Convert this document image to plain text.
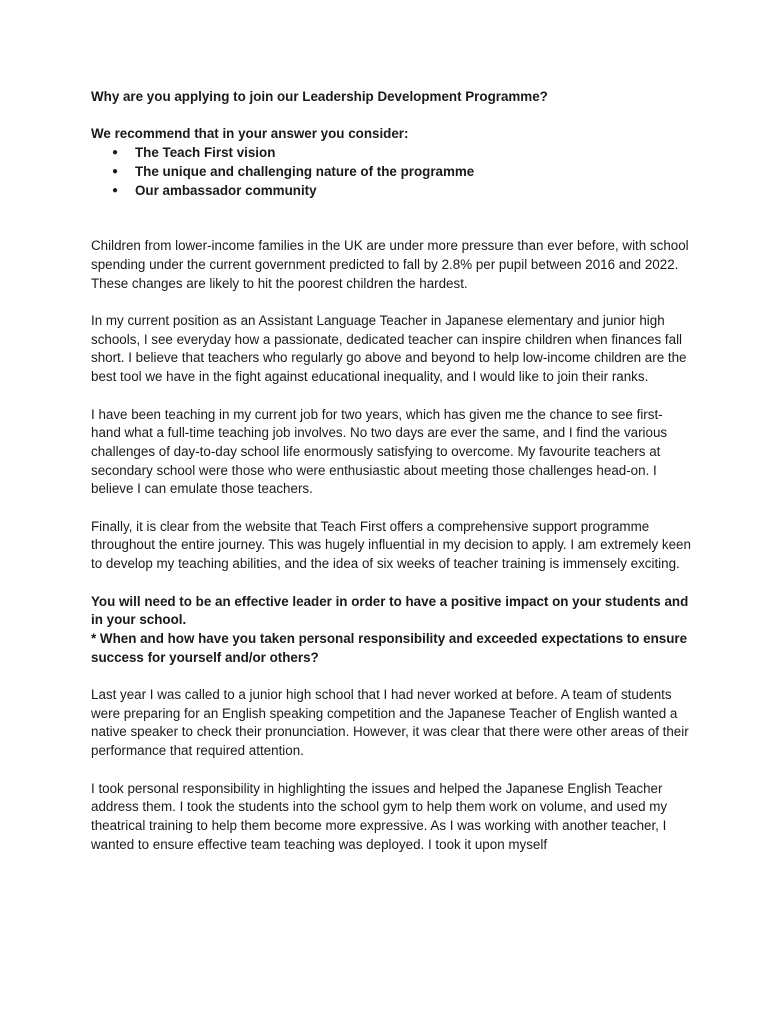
Why are you applying to join our Leadership Development Programme?

We recommend that in your answer you consider:

● The Teach First vision
● The unique and challenging nature of the programme
● Our ambassador community

Children from lower-income families in the UK are under more pressure than ever before, with school spending under the current government predicted to fall by 2.8% per pupil between 2016 and 2022. These changes are likely to hit the poorest children the hardest.

In my current position as an Assistant Language Teacher in Japanese elementary and junior high schools, I see everyday how a passionate, dedicated teacher can inspire children when finances fall short. I believe that teachers who regularly go above and beyond to help low-income children are the best tool we have in the fight against educational inequality, and I would like to join their ranks.

I have been teaching in my current job for two years, which has given me the chance to see first-hand what a full-time teaching job involves. No two days are ever the same, and I find the various challenges of day-to-day school life enormously satisfying to overcome. My favourite teachers at secondary school were those who were enthusiastic about meeting those challenges head-on. I believe I can emulate those teachers.

Finally, it is clear from the website that Teach First offers a comprehensive support programme throughout the entire journey. This was hugely influential in my decision to apply. I am extremely keen to develop my teaching abilities, and the idea of six weeks of teacher training is immensely exciting.

You will need to be an effective leader in order to have a positive impact on your students and in your school.

* When and how have you taken personal responsibility and exceeded expectations to ensure success for yourself and/or others?

Last year I was called to a junior high school that I had never worked at before. A team of students were preparing for an English speaking competition and the Japanese Teacher of English wanted a native speaker to check their pronunciation. However, it was clear that there were other areas of their performance that required attention.

I took personal responsibility in highlighting the issues and helped the Japanese English Teacher address them. I took the students into the school gym to help them work on volume, and used my theatrical training to help them become more expressive. As I was working with another teacher, I wanted to ensure effective team teaching was deployed. I took it upon myself
